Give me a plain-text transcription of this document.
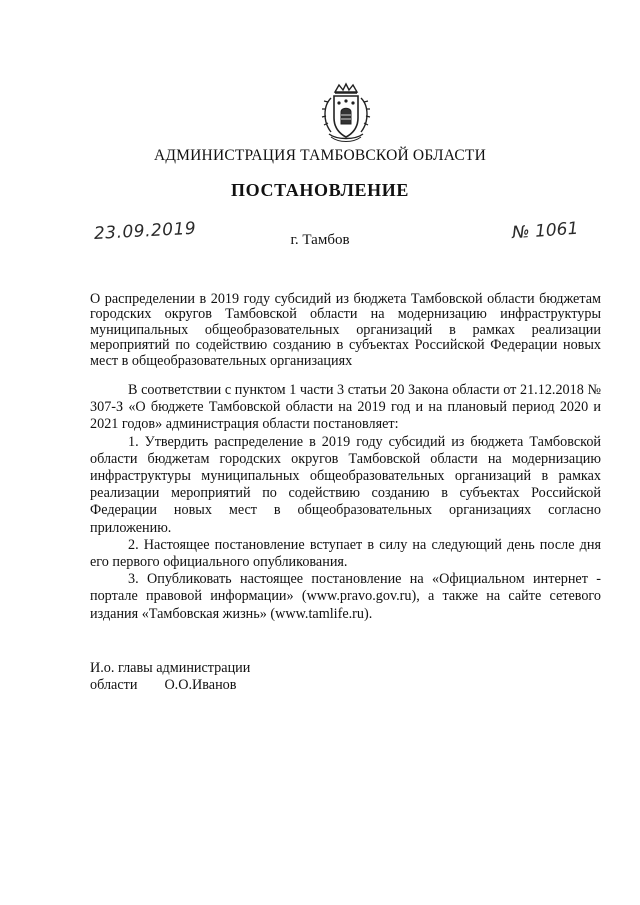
АДМИНИСТРАЦИЯ ТАМБОВСКОЙ ОБЛАСТИ
ПОСТАНОВЛЕНИЕ
23.09.2019	г. Тамбов	№ 1061
О распределении в 2019 году субсидий из бюджета Тамбовской области бюджетам городских округов Тамбовской области на модернизацию инфраструктуры муниципальных общеобразовательных организаций в рамках реализации мероприятий по содействию созданию в субъектах Российской Федерации новых мест в общеобразовательных организациях

В соответствии с пунктом 1 части 3 статьи 20 Закона области от 21.12.2018 № 307-З «О бюджете Тамбовской области на 2019 год и на плановый период 2020 и 2021 годов» администрация области постановляет:

1. Утвердить распределение в 2019 году субсидий из бюджета Тамбовской области бюджетам городских округов Тамбовской области на модернизацию инфраструктуры муниципальных общеобразовательных организаций в рамках реализации мероприятий по содействию созданию в субъектах Российской Федерации новых мест в общеобразовательных организациях согласно приложению.

2. Настоящее постановление вступает в силу на следующий день после дня его первого официального опубликования.

3. Опубликовать настоящее постановление на «Официальном интернет - портале правовой информации» (www.pravo.gov.ru), а также на сайте сетевого издания «Тамбовская жизнь» (www.tamlife.ru).

И.о. главы администрации
области О.О.Иванов
